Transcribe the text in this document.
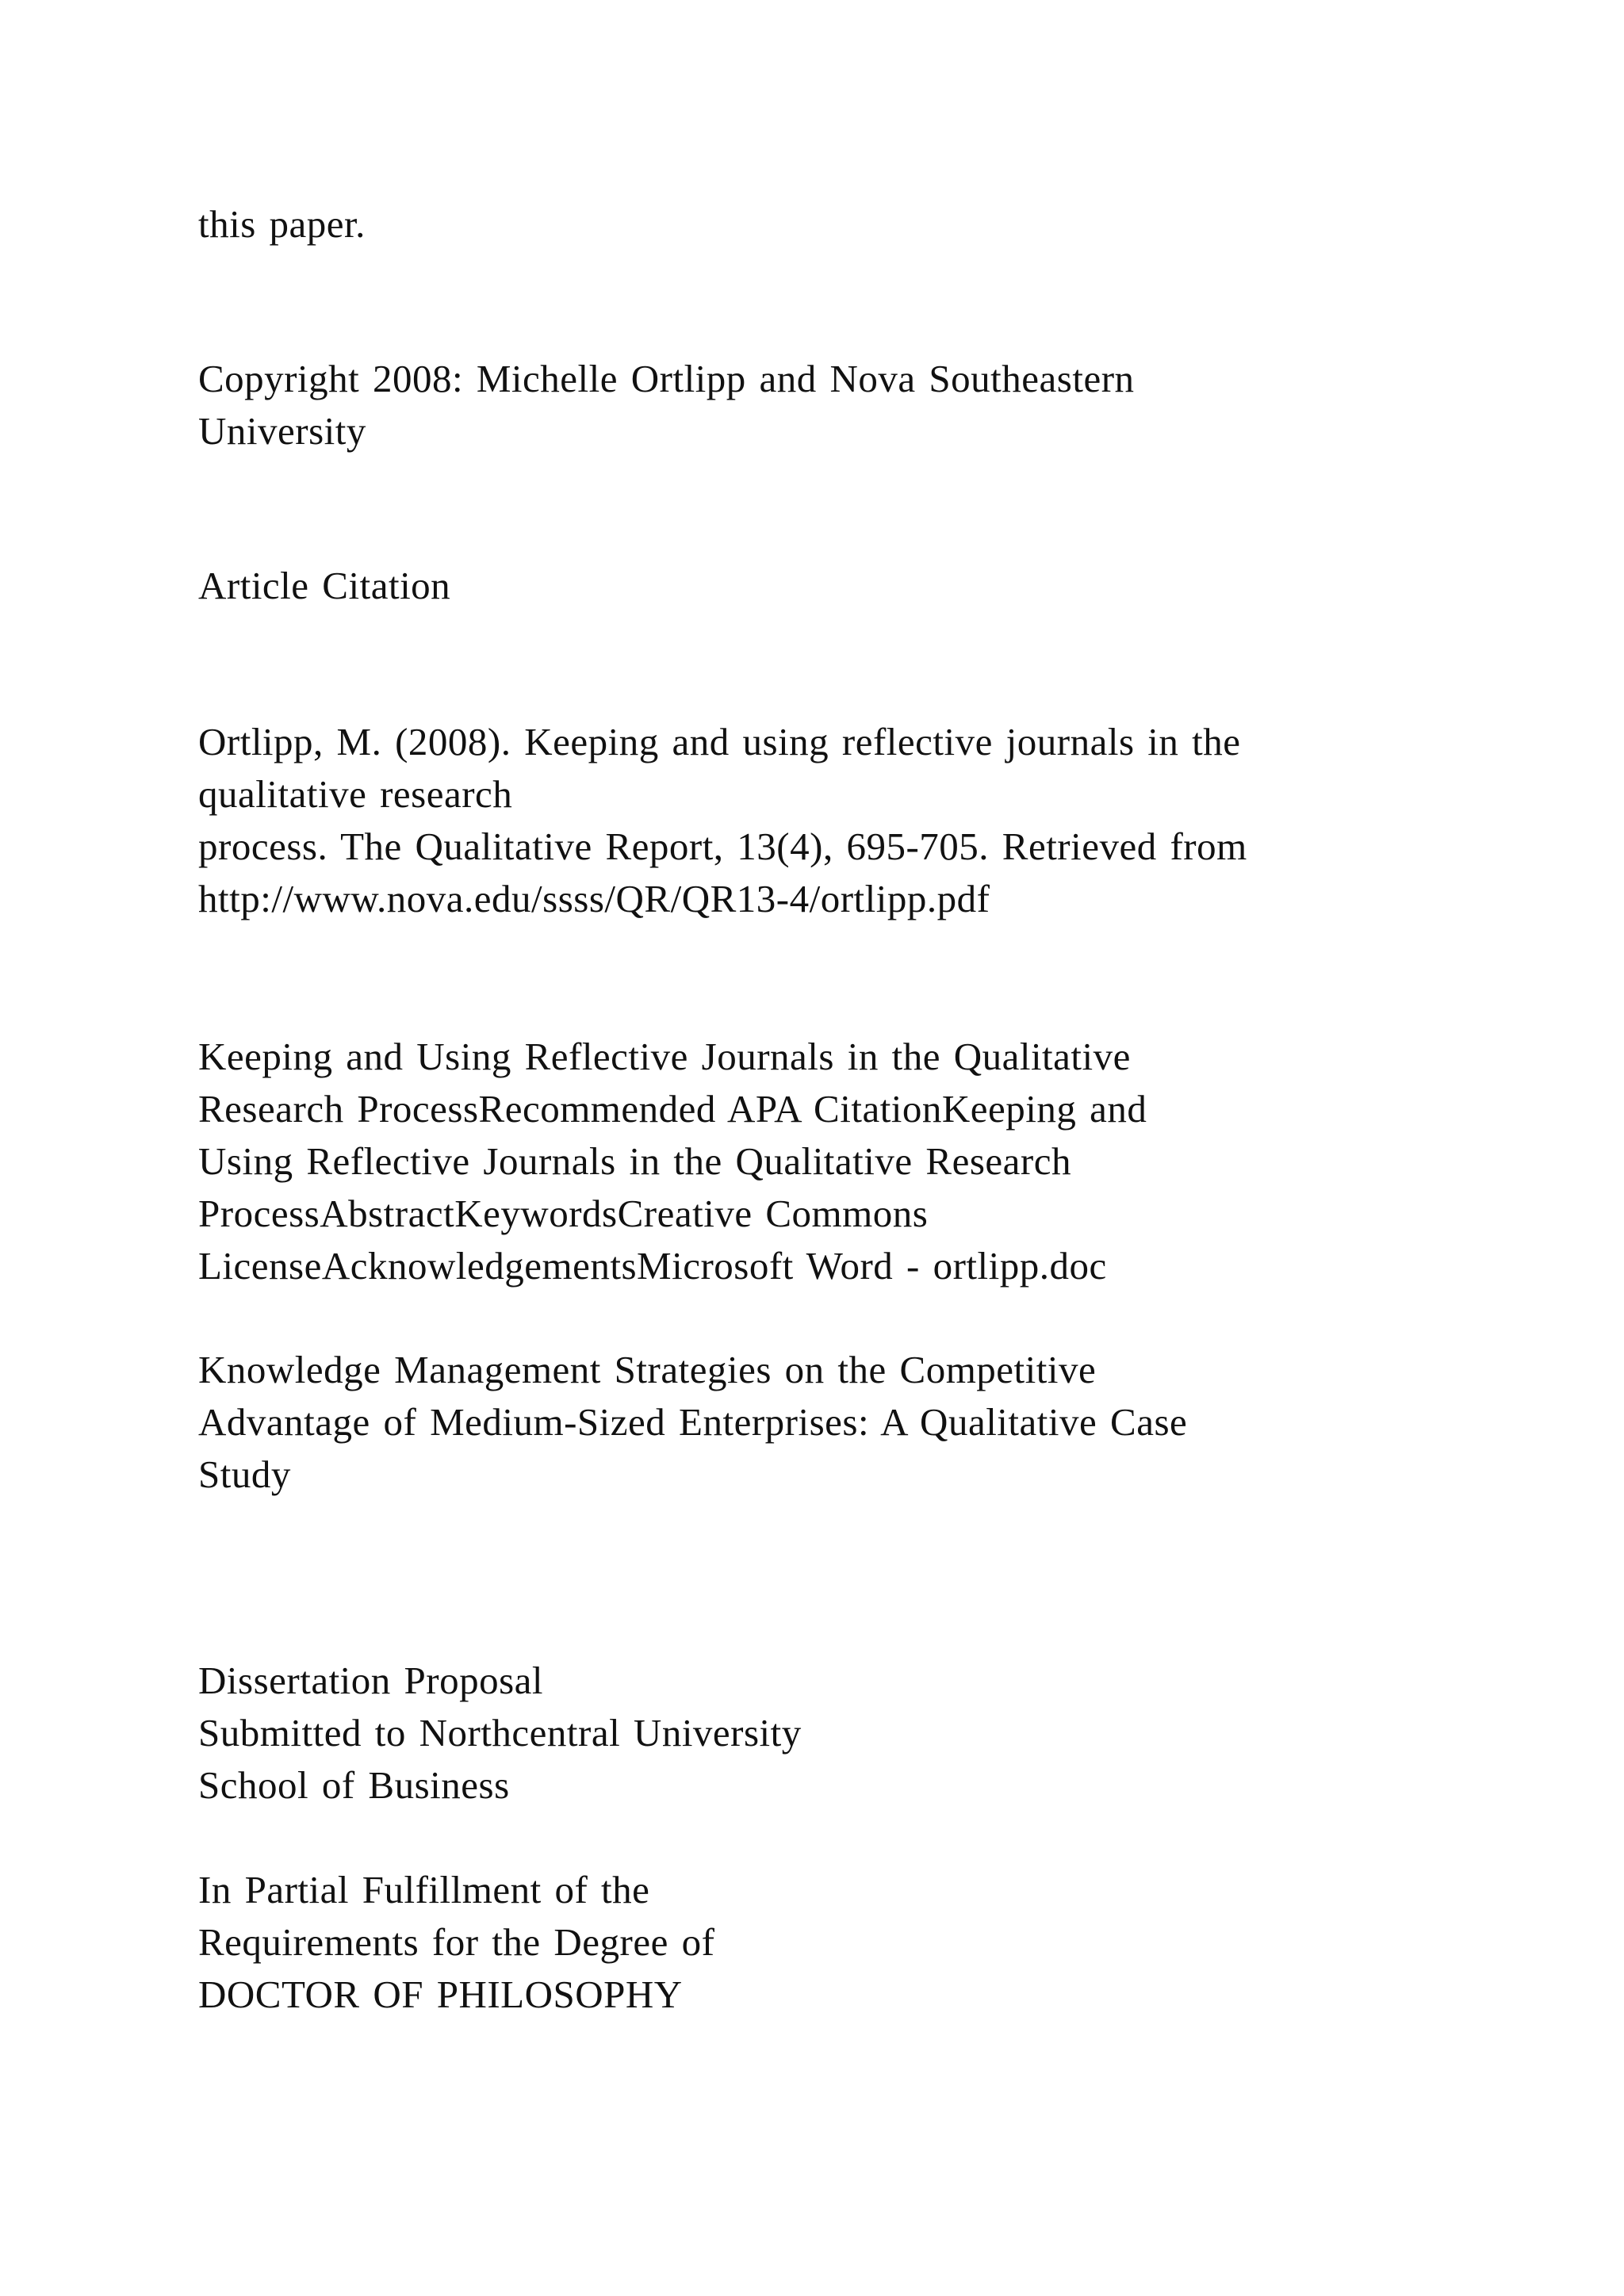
this paper.

Copyright 2008: Michelle Ortlipp and Nova Southeastern

University

Article Citation

Ortlipp, M. (2008). Keeping and using reflective journals in the

qualitative research

process. The Qualitative Report, 13(4), 695-705. Retrieved from

http://www.nova.edu/ssss/QR/QR13-4/ortlipp.pdf

Keeping and Using Reflective Journals in the Qualitative

Research ProcessRecommended APA CitationKeeping and

Using Reflective Journals in the Qualitative Research

ProcessAbstractKeywordsCreative Commons

LicenseAcknowledgementsMicrosoft Word - ortlipp.doc

Knowledge Management Strategies on the Competitive

Advantage of Medium-Sized Enterprises: A Qualitative Case

Study

Dissertation Proposal

Submitted to Northcentral University

School of Business

In Partial Fulfillment of the

Requirements for the Degree of

DOCTOR OF PHILOSOPHY
